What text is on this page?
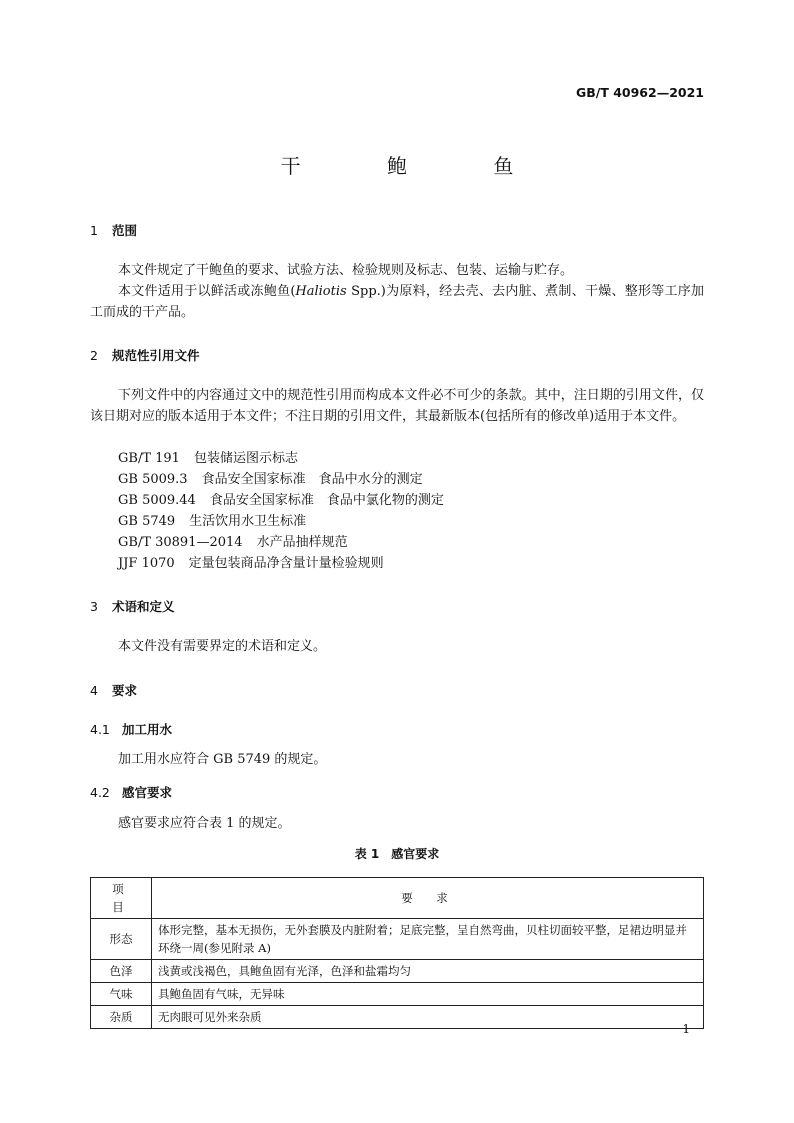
GB/T 40962—2021
干 鲍 鱼
1 范围
本文件规定了干鲍鱼的要求、试验方法、检验规则及标志、包装、运输与贮存。
本文件适用于以鲜活或冻鲍鱼(Haliotis Spp.)为原料，经去壳、去内脏、煮制、干燥、整形等工序加工而成的干产品。
2 规范性引用文件
下列文件中的内容通过文中的规范性引用而构成本文件必不可少的条款。其中，注日期的引用文件，仅该日期对应的版本适用于本文件；不注日期的引用文件，其最新版本(包括所有的修改单)适用于本文件。
GB/T 191 包装储运图示标志
GB 5009.3 食品安全国家标准　食品中水分的测定
GB 5009.44 食品安全国家标准　食品中氯化物的测定
GB 5749 生活饮用水卫生标准
GB/T 30891—2014 水产品抽样规范
JJF 1070 定量包装商品净含量计量检验规则
3 术语和定义
本文件没有需要界定的术语和定义。
4 要求
4.1 加工用水
加工用水应符合 GB 5749 的规定。
4.2 感官要求
感官要求应符合表 1 的规定。
表 1 感官要求
项　目	要　求
形态	体形完整，基本无损伤，无外套膜及内脏附着；足底完整，呈自然弯曲，贝柱切面较平整，足裙边明显并环绕一周(参见附录 A)
色泽	浅黄或浅褐色，具鲍鱼固有光泽，色泽和盐霜均匀
气味	具鲍鱼固有气味，无异味
杂质	无肉眼可见外来杂质
1
